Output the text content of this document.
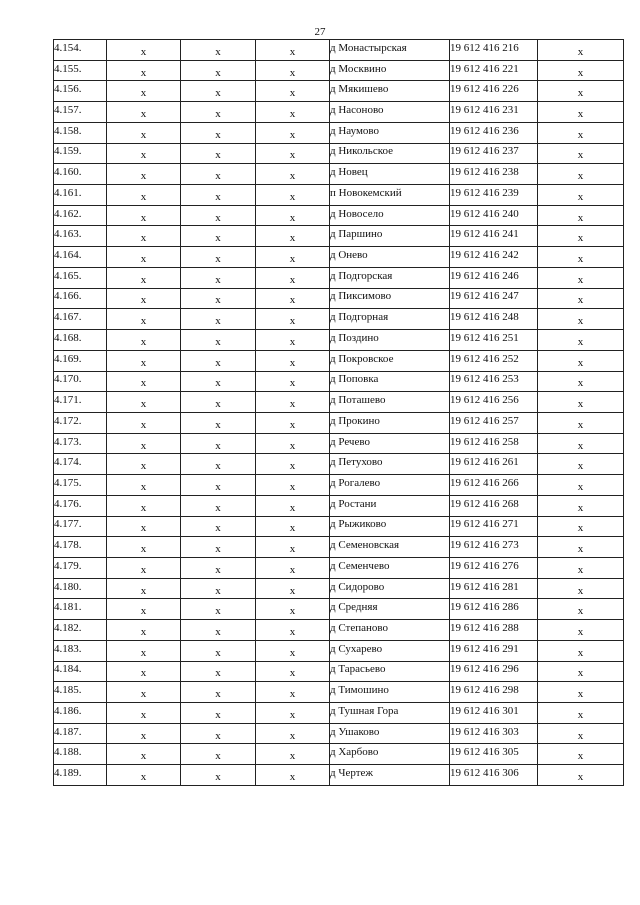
27
4.154.	x	x	x	д Монастырская	19 612 416 216	x
4.155.	x	x	x	д Москвино	19 612 416 221	x
4.156.	x	x	x	д Мякишево	19 612 416 226	x
4.157.	x	x	x	д Насоново	19 612 416 231	x
4.158.	x	x	x	д Наумово	19 612 416 236	x
4.159.	x	x	x	д Никольское	19 612 416 237	x
4.160.	x	x	x	д Новец	19 612 416 238	x
4.161.	x	x	x	п Новокемский	19 612 416 239	x
4.162.	x	x	x	д Новосело	19 612 416 240	x
4.163.	x	x	x	д Паршино	19 612 416 241	x
4.164.	x	x	x	д Онево	19 612 416 242	x
4.165.	x	x	x	д Подгорская	19 612 416 246	x
4.166.	x	x	x	д Пиксимово	19 612 416 247	x
4.167.	x	x	x	д Подгорная	19 612 416 248	x
4.168.	x	x	x	д Поздино	19 612 416 251	x
4.169.	x	x	x	д Покровское	19 612 416 252	x
4.170.	x	x	x	д Поповка	19 612 416 253	x
4.171.	x	x	x	д Поташево	19 612 416 256	x
4.172.	x	x	x	д Прокино	19 612 416 257	x
4.173.	x	x	x	д Речево	19 612 416 258	x
4.174.	x	x	x	д Петухово	19 612 416 261	x
4.175.	x	x	x	д Рогалево	19 612 416 266	x
4.176.	x	x	x	д Ростани	19 612 416 268	x
4.177.	x	x	x	д Рыжиково	19 612 416 271	x
4.178.	x	x	x	д Семеновская	19 612 416 273	x
4.179.	x	x	x	д Семенчево	19 612 416 276	x
4.180.	x	x	x	д Сидорово	19 612 416 281	x
4.181.	x	x	x	д Средняя	19 612 416 286	x
4.182.	x	x	x	д Степаново	19 612 416 288	x
4.183.	x	x	x	д Сухарево	19 612 416 291	x
4.184.	x	x	x	д Тарасьево	19 612 416 296	x
4.185.	x	x	x	д Тимошино	19 612 416 298	x
4.186.	x	x	x	д Тушная Гора	19 612 416 301	x
4.187.	x	x	x	д Ушаково	19 612 416 303	x
4.188.	x	x	x	д Харбово	19 612 416 305	x
4.189.	x	x	x	д Чертеж	19 612 416 306	x
